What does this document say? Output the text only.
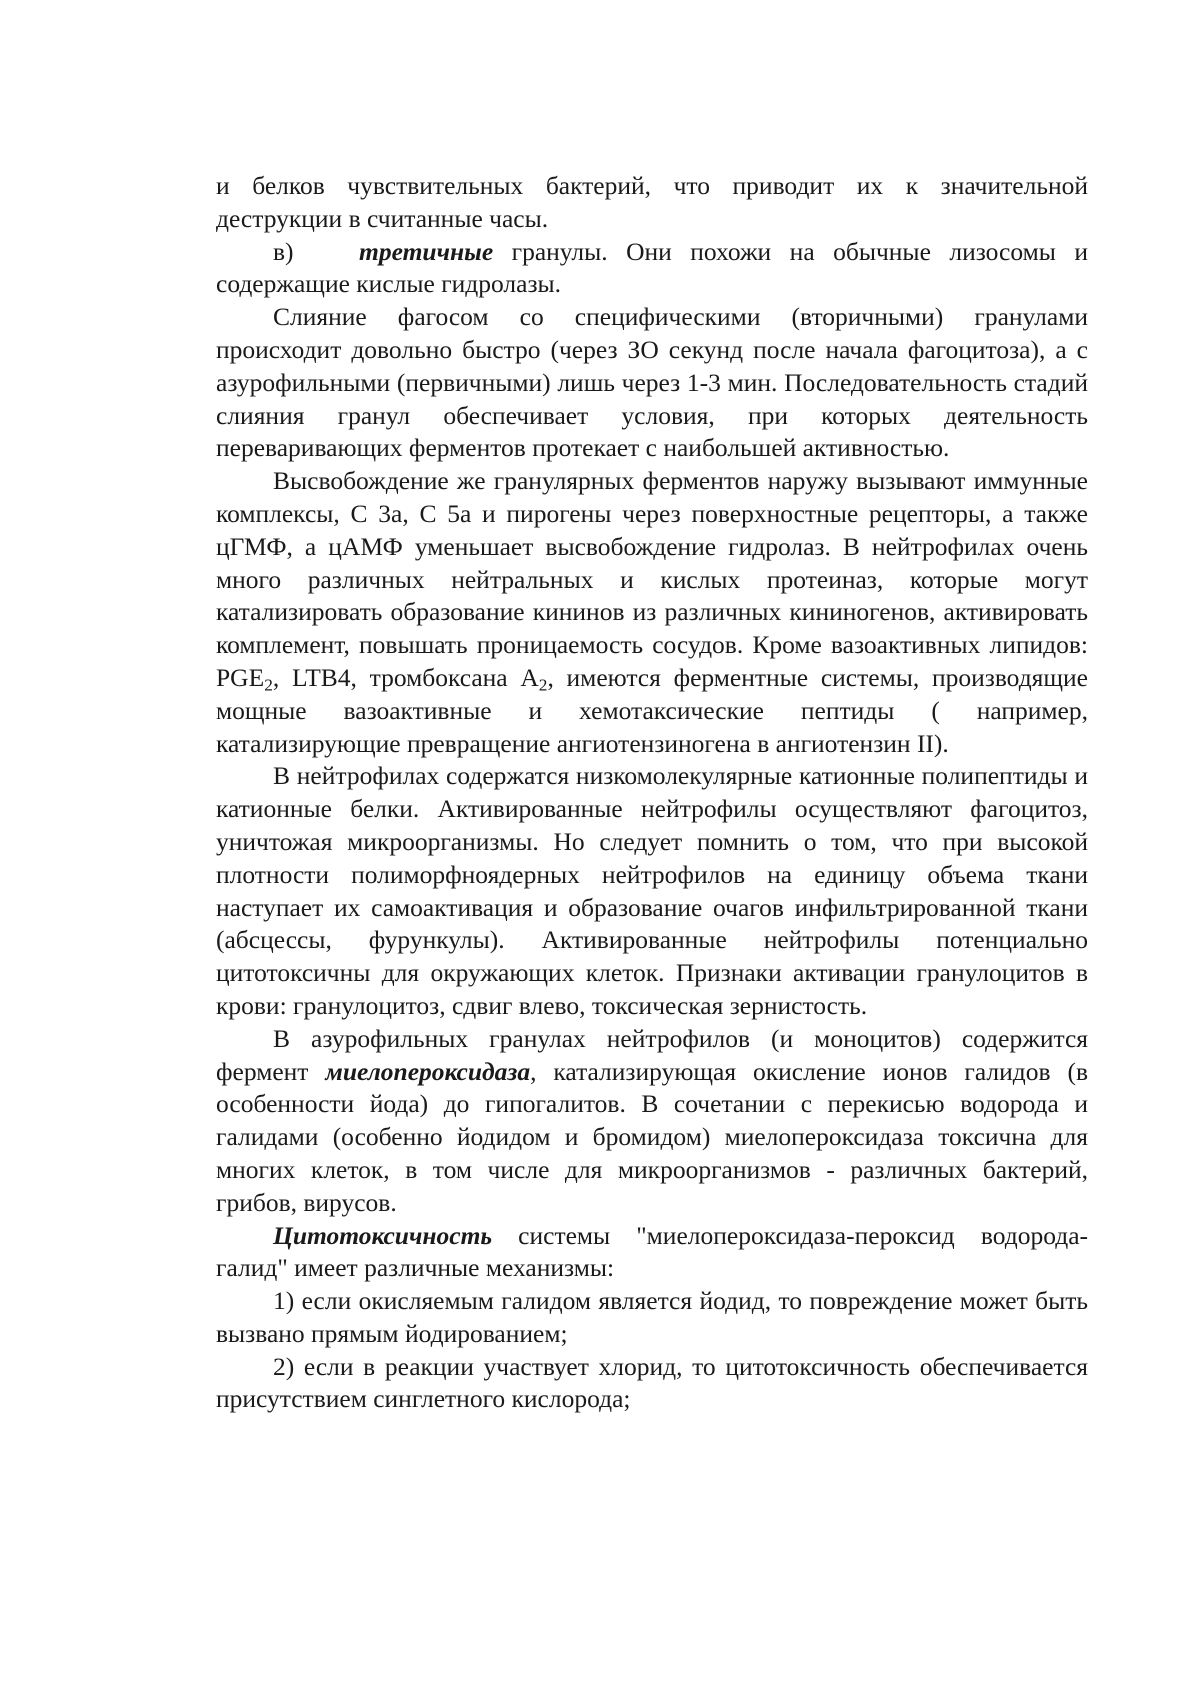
и белков чувствительных бактерий, что приводит их к значительной деструкции в считанные часы.

в)	третичные гранулы. Они похожи на обычные лизосомы и содержащие кислые гидролазы.

Слияние фагосом со специфическими (вторичными) гранулами происходит довольно быстро (через ЗО секунд после начала фагоцитоза), а с азурофильными (первичными) лишь через 1-3 мин. Последовательность стадий слияния гранул обеспечивает условия, при которых деятельность переваривающих ферментов протекает с наибольшей активностью.

Высвобождение же гранулярных ферментов наружу вызывают иммунные комплексы, С 3а, С 5а и пирогены через поверхностные рецепторы, а также цГМФ, а цАМФ уменьшает высвобождение гидролаз. В нейтрофилах очень много различных нейтральных и кислых протеиназ, которые могут катализировать образование кининов из различных кининогенов, активировать комплемент, повышать проницаемость сосудов. Кроме вазоактивных липидов: $PGE_2$, LTB4, тромбоксана $А_2$, имеются ферментные системы, производящие мощные вазоактивные и хемотаксические пептиды ( например, катализирующие превращение ангиотензиногена в ангиотензин II).

В нейтрофилах содержатся низкомолекулярные катионные полипептиды и катионные белки. Активированные нейтрофилы осуществляют фагоцитоз, уничтожая микроорганизмы. Но следует помнить о том, что при высокой плотности полиморфноядерных нейтрофилов на единицу объема ткани наступает их самоактивация и образование очагов инфильтрированной ткани (абсцессы, фурункулы). Активированные нейтрофилы потенциально цитотоксичны для окружающих клеток. Признаки активации гранулоцитов в крови: гранулоцитоз, сдвиг влево, токсическая зернистость.

В азурофильных гранулах нейтрофилов (и моноцитов) содержится фермент миелопероксидаза, катализирующая окисление ионов галидов (в особенности йода) до гипогалитов. В сочетании с перекисью водорода и галидами (особенно йодидом и бромидом) миелопероксидаза токсична для многих клеток, в том числе для микроорганизмов - различных бактерий, грибов, вирусов.

Цитотоксичность системы "миелопероксидаза-пероксид водорода-галид" имеет различные механизмы:

1) если окисляемым галидом является йодид, то повреждение может быть вызвано прямым йодированием;

2) если в реакции участвует хлорид, то цитотоксичность обеспечивается присутствием синглетного кислорода;
